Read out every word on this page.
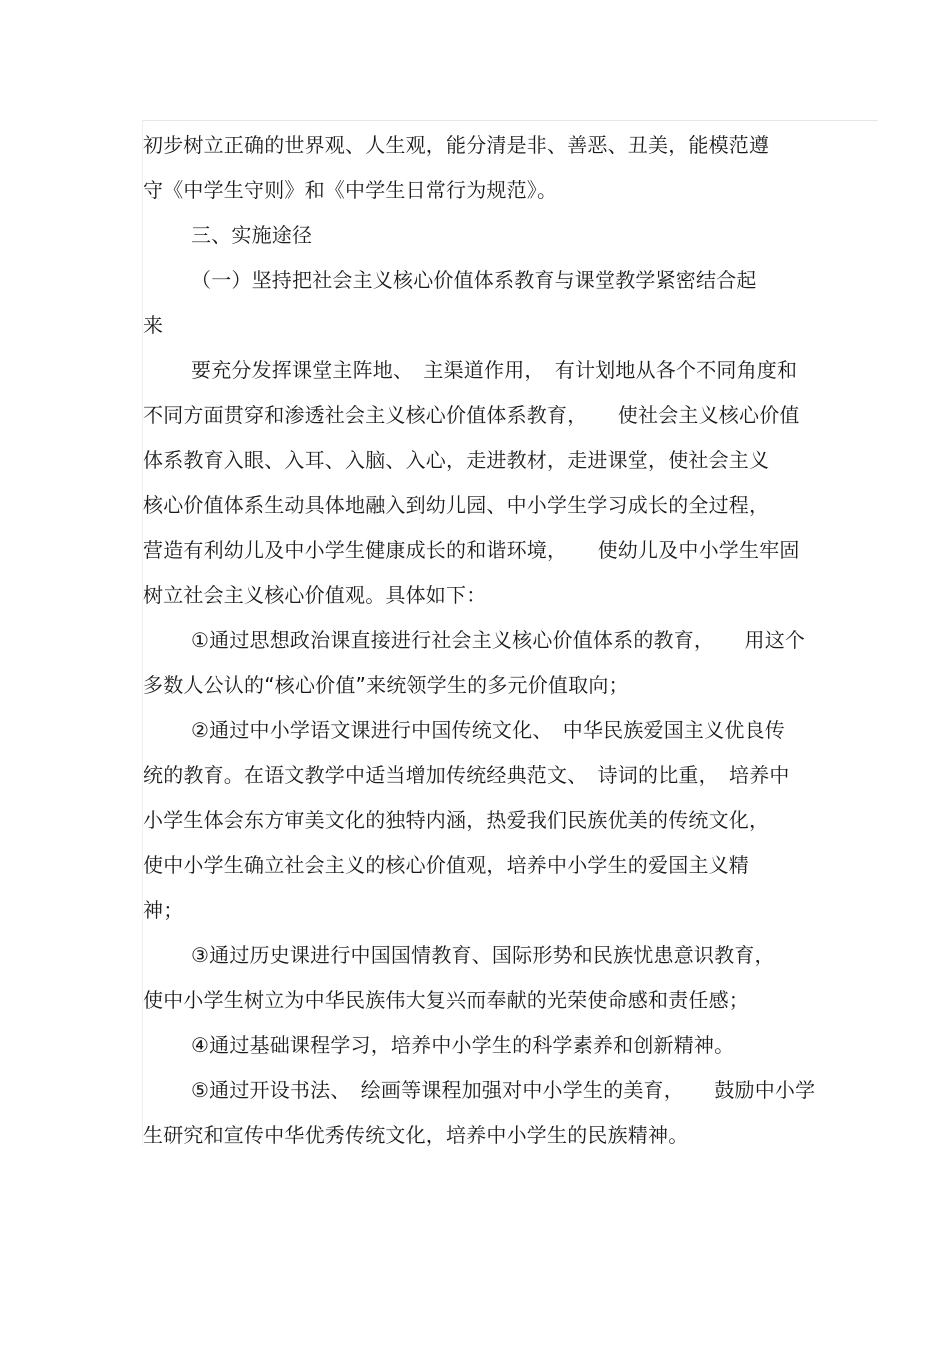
初步树立正确的世界观、人生观，能分清是非、善恶、丑美，能模范遵
守《中学生守则》和《中学生日常行为规范》。
三、实施途径
（一）坚持把社会主义核心价值体系教育与课堂教学紧密结合起
来
要充分发挥课堂主阵地、　主渠道作用，　有计划地从各个不同角度和
不同方面贯穿和渗透社会主义核心价值体系教育，　　使社会主义核心价值
体系教育入眼、入耳、入脑、入心，走进教材，走进课堂，使社会主义
核心价值体系生动具体地融入到幼儿园、中小学生学习成长的全过程，
营造有利幼儿及中小学生健康成长的和谐环境，　　使幼儿及中小学生牢固
树立社会主义核心价值观。具体如下：
①通过思想政治课直接进行社会主义核心价值体系的教育，　　用这个
多数人公认的“核心价值”来统领学生的多元价值取向；
②通过中小学语文课进行中国传统文化、　中华民族爱国主义优良传
统的教育。在语文教学中适当增加传统经典范文、　诗词的比重，　培养中
小学生体会东方审美文化的独特内涵，热爱我们民族优美的传统文化，
使中小学生确立社会主义的核心价值观，培养中小学生的爱国主义精
神；
③通过历史课进行中国国情教育、国际形势和民族忧患意识教育，
使中小学生树立为中华民族伟大复兴而奉献的光荣使命感和责任感；
④通过基础课程学习，培养中小学生的科学素养和创新精神。
⑤通过开设书法、　绘画等课程加强对中小学生的美育，　　鼓励中小学
生研究和宣传中华优秀传统文化，培养中小学生的民族精神。
